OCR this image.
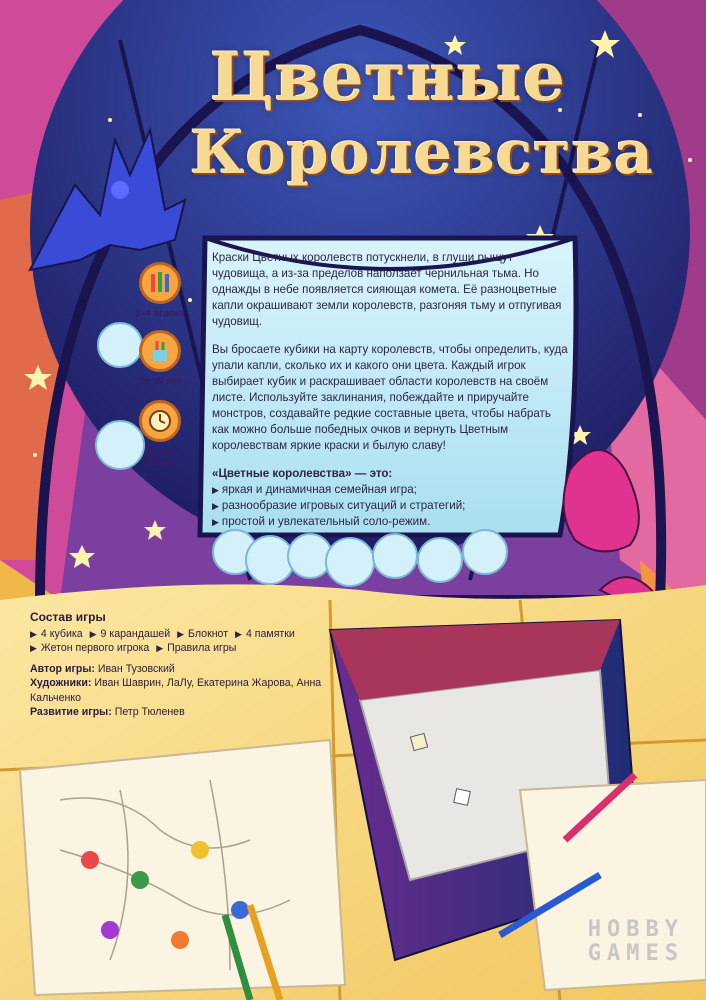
Цветные
Королевства
1–4 игрока
От 10 лет
30–45 минут

Краски Цветных королевств потускнели, в глуши рыщут чудовища, а из-за пределов наползает чернильная тьма. Но однажды в небе появляется сияющая комета. Её разноцветные капли окрашивают земли королевств, разгоняя тьму и отпугивая чудовищ.

Вы бросаете кубики на карту королевств, чтобы определить, куда упали капли, сколько их и какого они цвета. Каждый игрок выбирает кубик и раскрашивает области королевств на своём листе. Используйте заклинания, побеждайте и приручайте монстров, создавайте редкие составные цвета, чтобы набрать как можно больше победных очков и вернуть Цветным королевствам яркие краски и былую славу!

«Цветные королевства» — это:

▶ яркая и динамичная семейная игра;
▶ разнообразие игровых ситуаций и стратегий;
▶ простой и увлекательный соло-режим.
Состав игры
▶ 4 кубика ▶ 9 карандашей ▶ Блокнот ▶ 4 памятки
▶ Жетон первого игрока ▶ Правила игры
Автор игры: Иван Тузовский
Художники: Иван Шаврин, ЛаЛу, Екатерина Жарова, Анна Кальченко
Развитие игры: Петр Тюленев
HOBBY
GAMES
